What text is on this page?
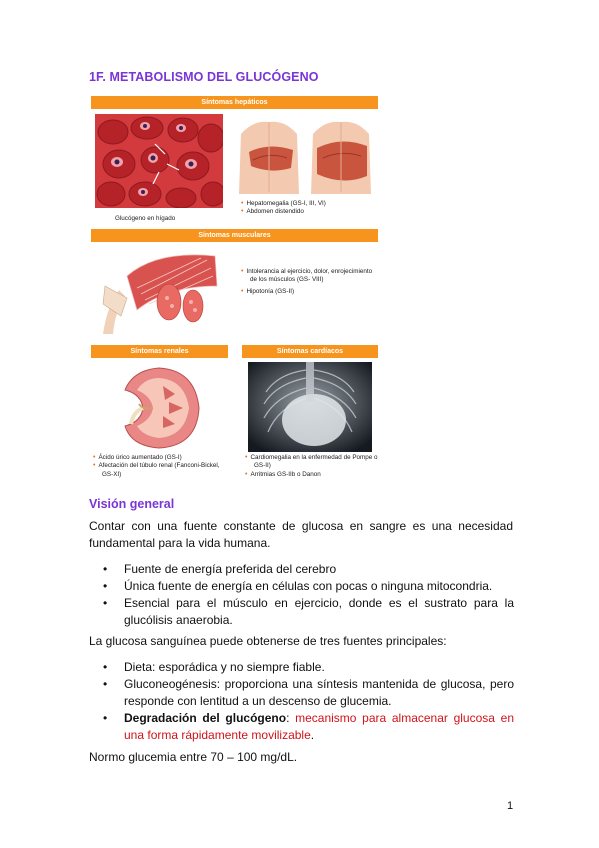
1F. METABOLISMO DEL GLUCÓGENO
Síntomas hepáticos
Glucógeno en hígado
• Hepatomegalia (GS-I, III, VI)
• Abdomen distendido
Síntomas musculares
• Intolerancia al ejercicio, dolor, enrojecimiento de los músculos (GS- VIII)
• Hipotonía (GS-II)
Síntomas renales	Síntomas cardíacos
• Ácido úrico aumentado (GS-I)
• Afectación del túbulo renal (Fanconi-Bickel, GS-XI)
• Cardiomegalia en la enfermedad de Pompe o GS-II)
• Arritmias GS-IIb o Danon
Visión general
Contar con una fuente constante de glucosa en sangre es una necesidad fundamental para la vida humana.
• Fuente de energía preferida del cerebro
• Única fuente de energía en células con pocas o ninguna mitocondria.
• Esencial para el músculo en ejercicio, donde es el sustrato para la glucólisis anaerobia.
La glucosa sanguínea puede obtenerse de tres fuentes principales:
• Dieta: esporádica y no siempre fiable.
• Gluconeogénesis: proporciona una síntesis mantenida de glucosa, pero responde con lentitud a un descenso de glucemia.
• Degradación del glucógeno: mecanismo para almacenar glucosa en una forma rápidamente movilizable.
Normo glucemia entre 70 – 100 mg/dL.
1
